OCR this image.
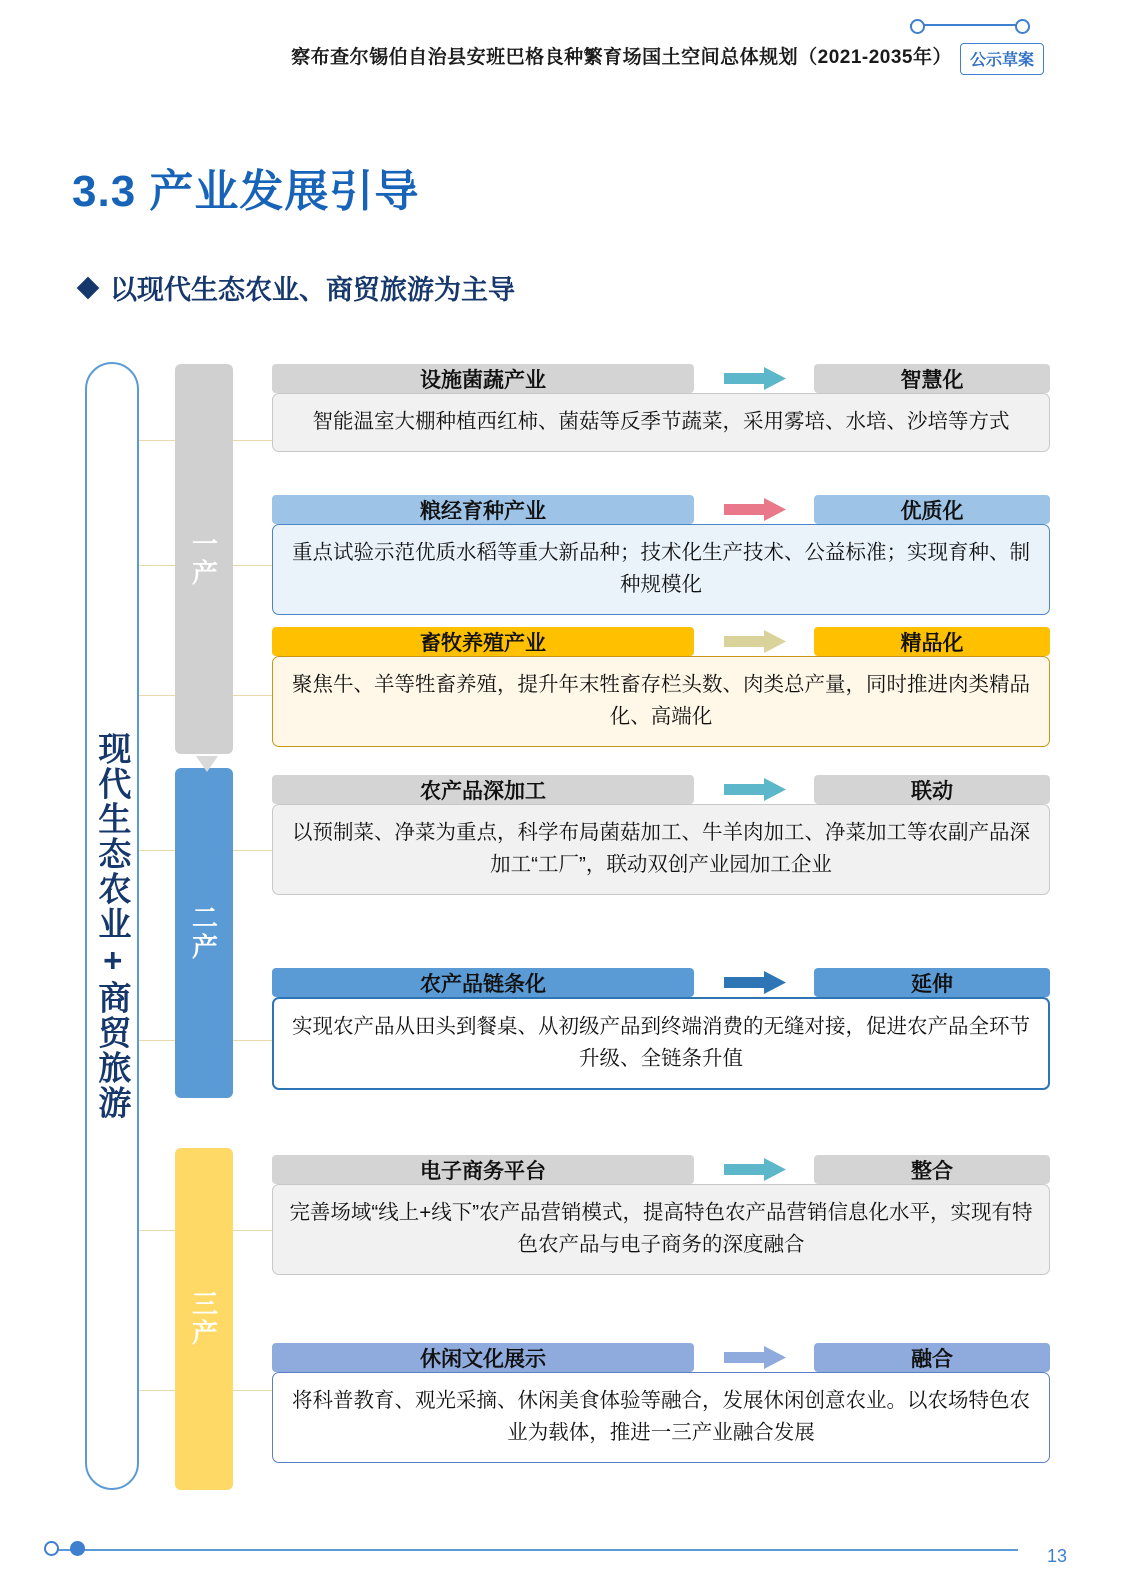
察布查尔锡伯自治县安班巴格良种繁育场国土空间总体规划（2021-2035年）	公示草案
3.3 产业发展引导
以现代生态农业、商贸旅游为主导
现代生态农业+商贸旅游
一产
二产
三产
设施菌蔬产业	智慧化
智能温室大棚种植西红柿、菌菇等反季节蔬菜，采用雾培、水培、沙培等方式
粮经育种产业	优质化
重点试验示范优质水稻等重大新品种；技术化生产技术、公益标准；实现育种、制种规模化
畜牧养殖产业	精品化
聚焦牛、羊等牲畜养殖，提升年末牲畜存栏头数、肉类总产量，同时推进肉类精品化、高端化
农产品深加工	联动
以预制菜、净菜为重点，科学布局菌菇加工、牛羊肉加工、净菜加工等农副产品深加工“工厂”，联动双创产业园加工企业
农产品链条化	延伸
实现农产品从田头到餐桌、从初级产品到终端消费的无缝对接，促进农产品全环节升级、全链条升值
电子商务平台	整合
完善场域“线上+线下”农产品营销模式，提高特色农产品营销信息化水平，实现有特色农产品与电子商务的深度融合
休闲文化展示	融合
将科普教育、观光采摘、休闲美食体验等融合，发展休闲创意农业。以农场特色农业为载体，推进一三产业融合发展
13
